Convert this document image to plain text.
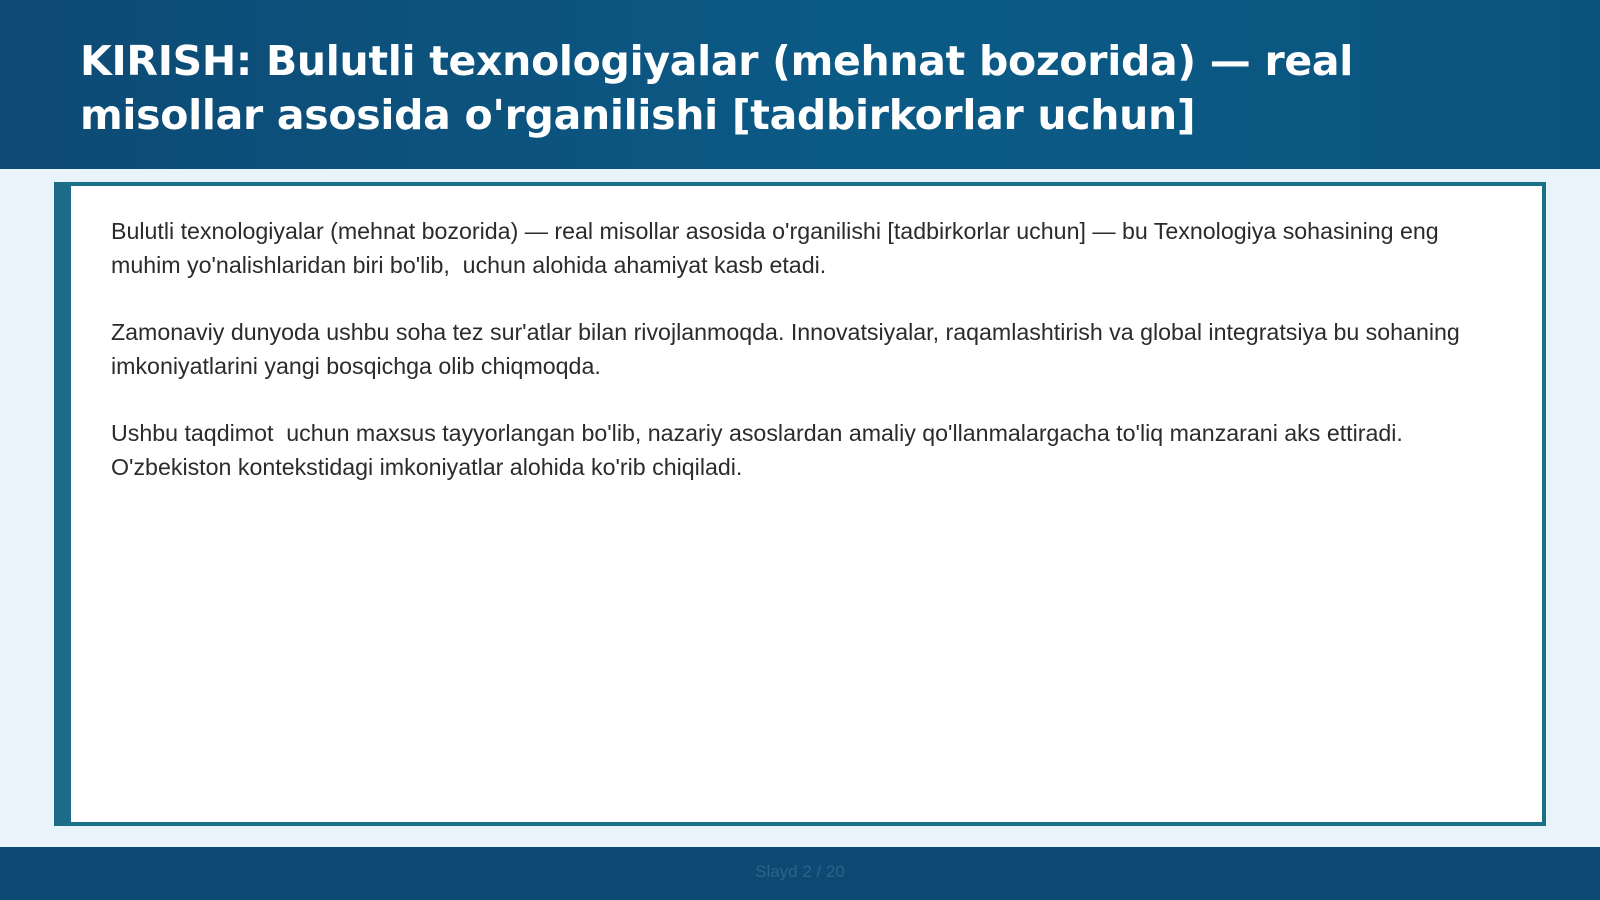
KIRISH: Bulutli texnologiyalar (mehnat bozorida) — real misollar asosida o'rganilishi [tadbirkorlar uchun]

Bulutli texnologiyalar (mehnat bozorida) — real misollar asosida o'rganilishi [tadbirkorlar uchun] — bu Texnologiya sohasining eng muhim yo'nalishlaridan biri bo'lib,  uchun alohida ahamiyat kasb etadi.

Zamonaviy dunyoda ushbu soha tez sur'atlar bilan rivojlanmoqda. Innovatsiyalar, raqamlashtirish va global integratsiya bu sohaning imkoniyatlarini yangi bosqichga olib chiqmoqda.

Ushbu taqdimot  uchun maxsus tayyorlangan bo'lib, nazariy asoslardan amaliy qo'llanmalargacha to'liq manzarani aks ettiradi. O'zbekiston kontekstidagi imkoniyatlar alohida ko'rib chiqiladi.

Slayd 2 / 20
